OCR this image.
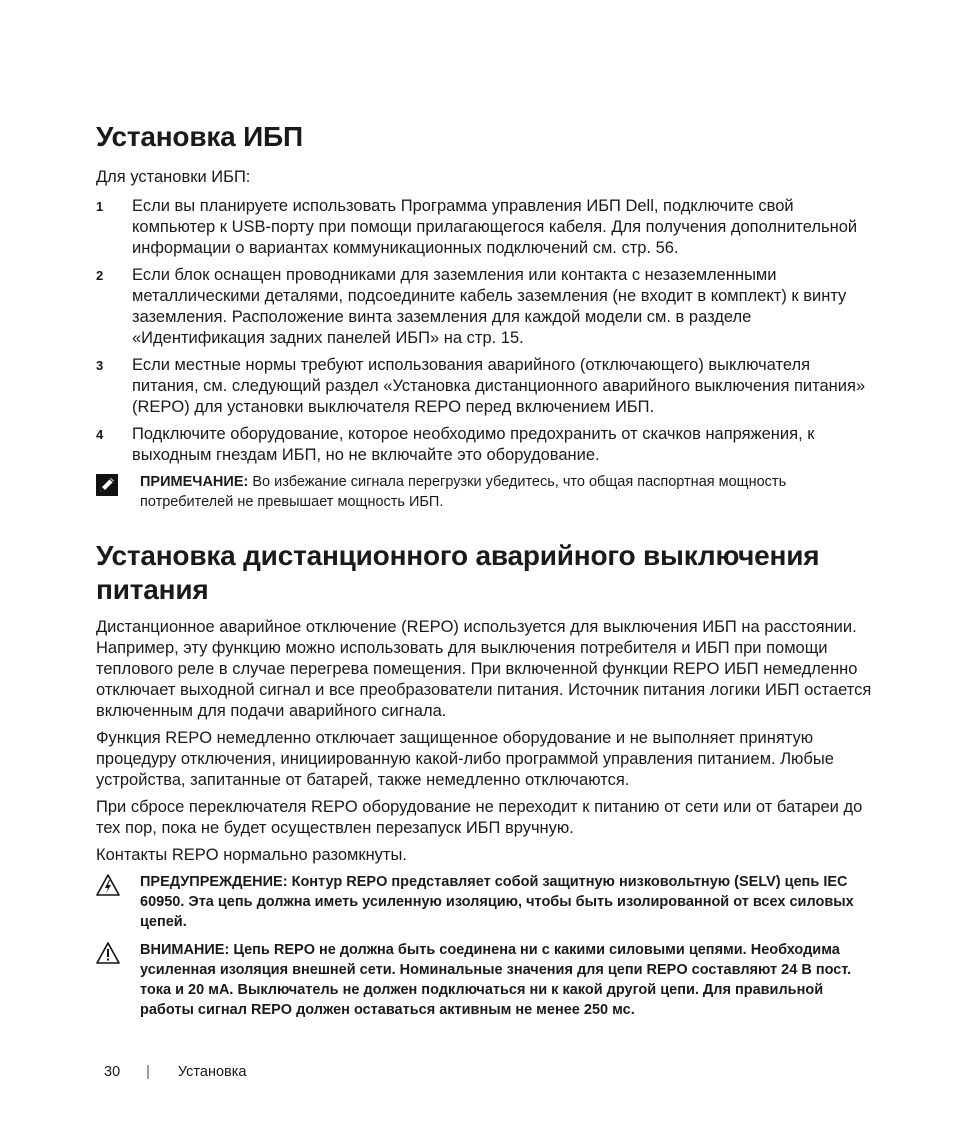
Установка ИБП

Для установки ИБП:

1	Если вы планируете использовать Программа управления ИБП Dell, подключите свой компьютер к USB-порту при помощи прилагающегося кабеля. Для получения дополнительной информации о вариантах коммуникационных подключений см. стр. 56.
2	Если блок оснащен проводниками для заземления или контакта с незаземленными металлическими деталями, подсоедините кабель заземления (не входит в комплект) к винту заземления. Расположение винта заземления для каждой модели см. в разделе «Идентификация задних панелей ИБП» на стр. 15.
3	Если местные нормы требуют использования аварийного (отключающего) выключателя питания, см. следующий раздел «Установка дистанционного аварийного выключения питания» (REPO) для установки выключателя REPO перед включением ИБП.
4	Подключите оборудование, которое необходимо предохранить от скачков напряжения, к выходным гнездам ИБП, но не включайте это оборудование.
ПРИМЕЧАНИЕ: Во избежание сигнала перегрузки убедитесь, что общая паспортная мощность потребителей не превышает мощность ИБП.
Установка дистанционного аварийного выключения питания

Дистанционное аварийное отключение (REPO) используется для выключения ИБП на расстоянии. Например, эту функцию можно использовать для выключения потребителя и ИБП при помощи теплового реле в случае перегрева помещения. При включенной функции REPO ИБП немедленно отключает выходной сигнал и все преобразователи питания. Источник питания логики ИБП остается включенным для подачи аварийного сигнала.

Функция REPO немедленно отключает защищенное оборудование и не выполняет принятую процедуру отключения, инициированную какой-либо программой управления питанием. Любые устройства, запитанные от батарей, также немедленно отключаются.

При сбросе переключателя REPO оборудование не переходит к питанию от сети или от батареи до тех пор, пока не будет осуществлен перезапуск ИБП вручную.

Контакты REPO нормально разомкнуты.

ПРЕДУПРЕЖДЕНИЕ: Контур REPO представляет собой защитную низковольтную (SELV) цепь IEC 60950. Эта цепь должна иметь усиленную изоляцию, чтобы быть изолированной от всех силовых цепей.
ВНИМАНИЕ: Цепь REPO не должна быть соединена ни с какими силовыми цепями. Необходима усиленная изоляция внешней сети. Номинальные значения для цепи REPO составляют 24 В пост. тока и 20 мА. Выключатель не должен подключаться ни к какой другой цепи. Для правильной работы сигнал REPO должен оставаться активным не менее 250 мс.
30 | Установка
